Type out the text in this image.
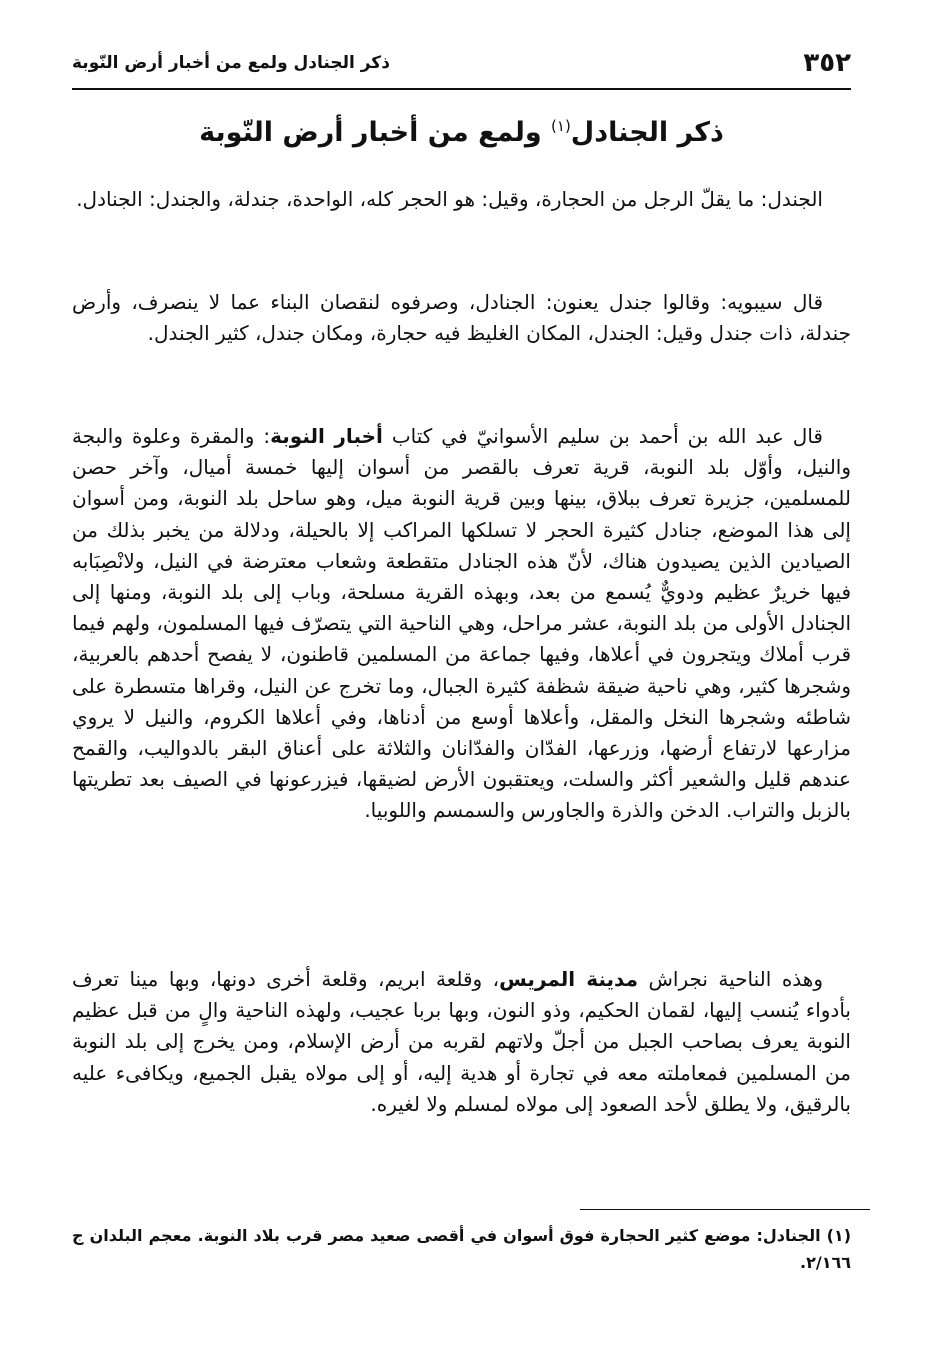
٣٥٢
ذكر الجنادل ولمع من أخبار أرض النّوبة
ذكر الجنادل$^{(١)}$ ولمع من أخبار أرض النّوبة

الجندل: ما يقلّ الرجل من الحجارة، وقيل: هو الحجر كله، الواحدة، جندلة، والجندل: الجنادل.

قال سيبويه: وقالوا جندل يعنون: الجنادل، وصرفوه لنقصان البناء عما لا ينصرف، وأرض جندلة، ذات جندل وقيل: الجندل، المكان الغليظ فيه حجارة، ومكان جندل، كثير الجندل.

قال عبد الله بن أحمد بن سليم الأسوانيّ في كتاب أخبار النوبة: والمقرة وعلوة والبجة والنيل، وأوّل بلد النوبة، قرية تعرف بالقصر من أسوان إليها خمسة أميال، وآخر حصن للمسلمين، جزيرة تعرف ببلاق، بينها وبين قرية النوبة ميل، وهو ساحل بلد النوبة، ومن أسوان إلى هذا الموضع، جنادل كثيرة الحجر لا تسلكها المراكب إلا بالحيلة، ودلالة من يخبر بذلك من الصيادين الذين يصيدون هناك، لأنّ هذه الجنادل متقطعة وشعاب معترضة في النيل، ولانْصِبَابه فيها خريرٌ عظيم ودويٌّ يُسمع من بعد، وبهذه القرية مسلحة، وباب إلى بلد النوبة، ومنها إلى الجنادل الأولى من بلد النوبة، عشر مراحل، وهي الناحية التي يتصرّف فيها المسلمون، ولهم فيما قرب أملاك ويتجرون في أعلاها، وفيها جماعة من المسلمين قاطنون، لا يفصح أحدهم بالعربية، وشجرها كثير، وهي ناحية ضيقة شظفة كثيرة الجبال، وما تخرج عن النيل، وقراها متسطرة على شاطئه وشجرها النخل والمقل، وأعلاها أوسع من أدناها، وفي أعلاها الكروم، والنيل لا يروي مزارعها لارتفاع أرضها، وزرعها، الفدّان والفدّانان والثلاثة على أعناق البقر بالدواليب، والقمح عندهم قليل والشعير أكثر والسلت، ويعتقبون الأرض لضيقها، فيزرعونها في الصيف بعد تطريتها بالزبل والتراب. الدخن والذرة والجاورس والسمسم واللوبيا.

وهذه الناحية نجراش مدينة المريس، وقلعة ابريم، وقلعة أخرى دونها، وبها مينا تعرف بأدواء يُنسب إليها، لقمان الحكيم، وذو النون، وبها بربا عجيب، ولهذه الناحية والٍ من قبل عظيم النوبة يعرف بصاحب الجبل من أجلّ ولاتهم لقربه من أرض الإسلام، ومن يخرج إلى بلد النوبة من المسلمين فمعاملته معه في تجارة أو هدية إليه، أو إلى مولاه يقبل الجميع، ويكافىء عليه بالرقيق، ولا يطلق لأحد الصعود إلى مولاه لمسلم ولا لغيره.

(١) الجنادل: موضع كثير الحجارة فوق أسوان في أقصى صعيد مصر قرب بلاد النوبة. معجم البلدان ج ٢/١٦٦.
